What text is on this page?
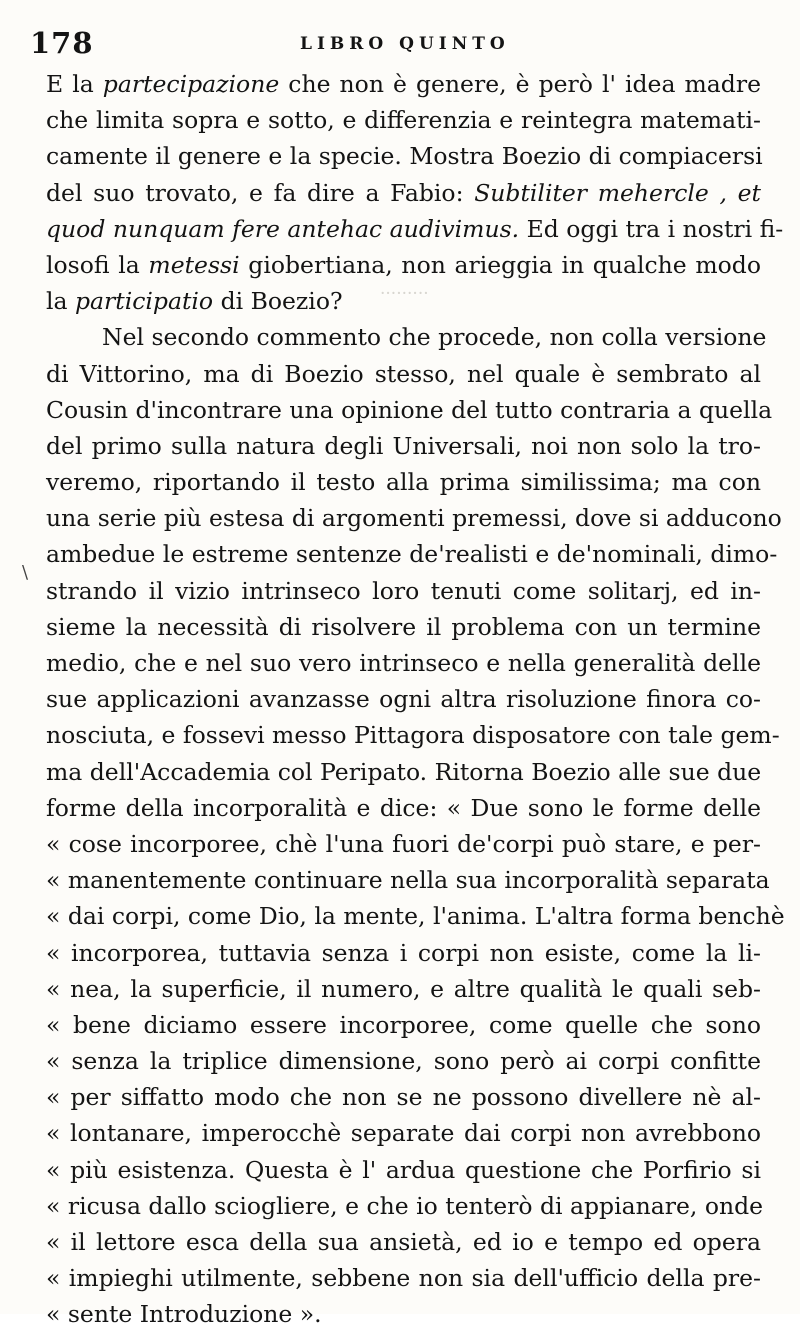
178	LIBRO QUINTO
·········
\
E la partecipazione che non è genere, è però l' idea madre
che limita sopra e sotto, e differenzia e reintegra matemati-
camente il genere e la specie. Mostra Boezio di compiacersi
del suo trovato, e fa dire a Fabio: Subtiliter mehercle , et
quod nunquam fere antehac audivimus. Ed oggi tra i nostri fi-
losofi la metessi giobertiana, non arieggia in qualche modo
la participatio di Boezio?
Nel secondo commento che procede, non colla versione
di Vittorino, ma di Boezio stesso, nel quale è sembrato al
Cousin d'incontrare una opinione del tutto contraria a quella
del primo sulla natura degli Universali, noi non solo la tro-
veremo, riportando il testo alla prima similissima; ma con
una serie più estesa di argomenti premessi, dove si adducono
ambedue le estreme sentenze de'realisti e de'nominali, dimo-
strando il vizio intrinseco loro tenuti come solitarj, ed in-
sieme la necessità di risolvere il problema con un termine
medio, che e nel suo vero intrinseco e nella generalità delle
sue applicazioni avanzasse ogni altra risoluzione finora co-
nosciuta, e fossevi messo Pittagora disposatore con tale gem-
ma dell'Accademia col Peripato. Ritorna Boezio alle sue due
forme della incorporalità e dice: « Due sono le forme delle
« cose incorporee, chè l'una fuori de'corpi può stare, e per-
« manentemente continuare nella sua incorporalità separata
« dai corpi, come Dio, la mente, l'anima. L'altra forma benchè
« incorporea, tuttavia senza i corpi non esiste, come la li-
« nea, la superficie, il numero, e altre qualità le quali seb-
« bene diciamo essere incorporee, come quelle che sono
« senza la triplice dimensione, sono però ai corpi confitte
« per siffatto modo che non se ne possono divellere nè al-
« lontanare, imperocchè separate dai corpi non avrebbono
« più esistenza. Questa è l' ardua questione che Porfirio si
« ricusa dallo sciogliere, e che io tenterò di appianare, onde
« il lettore esca della sua ansietà, ed io e tempo ed opera
« impieghi utilmente, sebbene non sia dell'ufficio della pre-
« sente Introduzione ».
